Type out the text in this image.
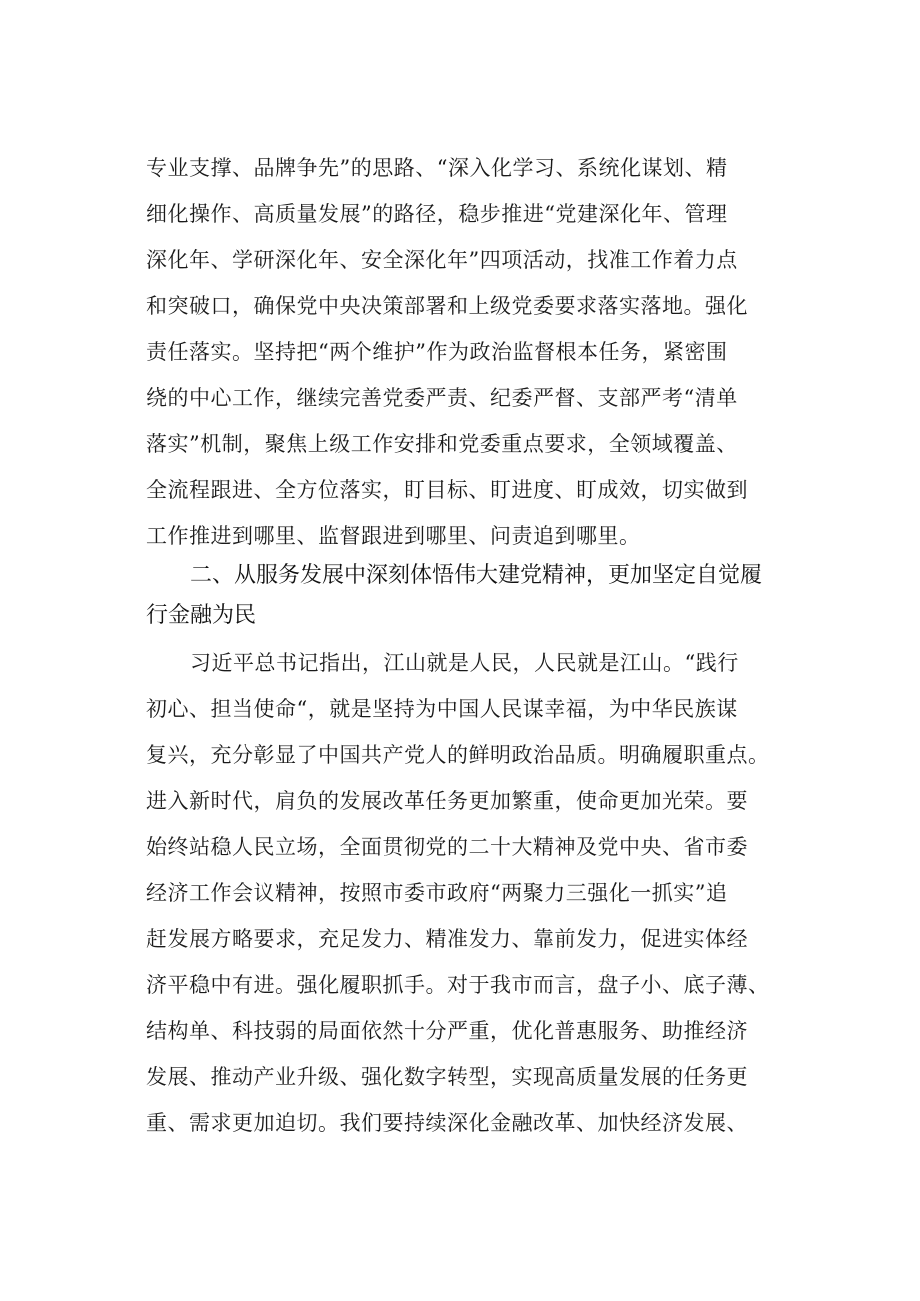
专业支撑、品牌争先”的思路、“深入化学习、系统化谋划、精
细化操作、高质量发展”的路径，稳步推进“党建深化年、管理
深化年、学研深化年、安全深化年”四项活动，找准工作着力点
和突破口，确保党中央决策部署和上级党委要求落实落地。强化
责任落实。坚持把“两个维护”作为政治监督根本任务，紧密围
绕的中心工作，继续完善党委严责、纪委严督、支部严考“清单
落实”机制，聚焦上级工作安排和党委重点要求，全领域覆盖、
全流程跟进、全方位落实，盯目标、盯进度、盯成效，切实做到
工作推进到哪里、监督跟进到哪里、问责追到哪里。
二、从服务发展中深刻体悟伟大建党精神，更加坚定自觉履
行金融为民
习近平总书记指出，江山就是人民，人民就是江山。“践行
初心、担当使命“，就是坚持为中国人民谋幸福，为中华民族谋
复兴，充分彰显了中国共产党人的鲜明政治品质。明确履职重点。
进入新时代，肩负的发展改革任务更加繁重，使命更加光荣。要
始终站稳人民立场，全面贯彻党的二十大精神及党中央、省市委
经济工作会议精神，按照市委市政府“两聚力三强化一抓实”追
赶发展方略要求，充足发力、精准发力、靠前发力，促进实体经
济平稳中有进。强化履职抓手。对于我市而言，盘子小、底子薄、
结构单、科技弱的局面依然十分严重，优化普惠服务、助推经济
发展、推动产业升级、强化数字转型，实现高质量发展的任务更
重、需求更加迫切。我们要持续深化金融改革、加快经济发展、
